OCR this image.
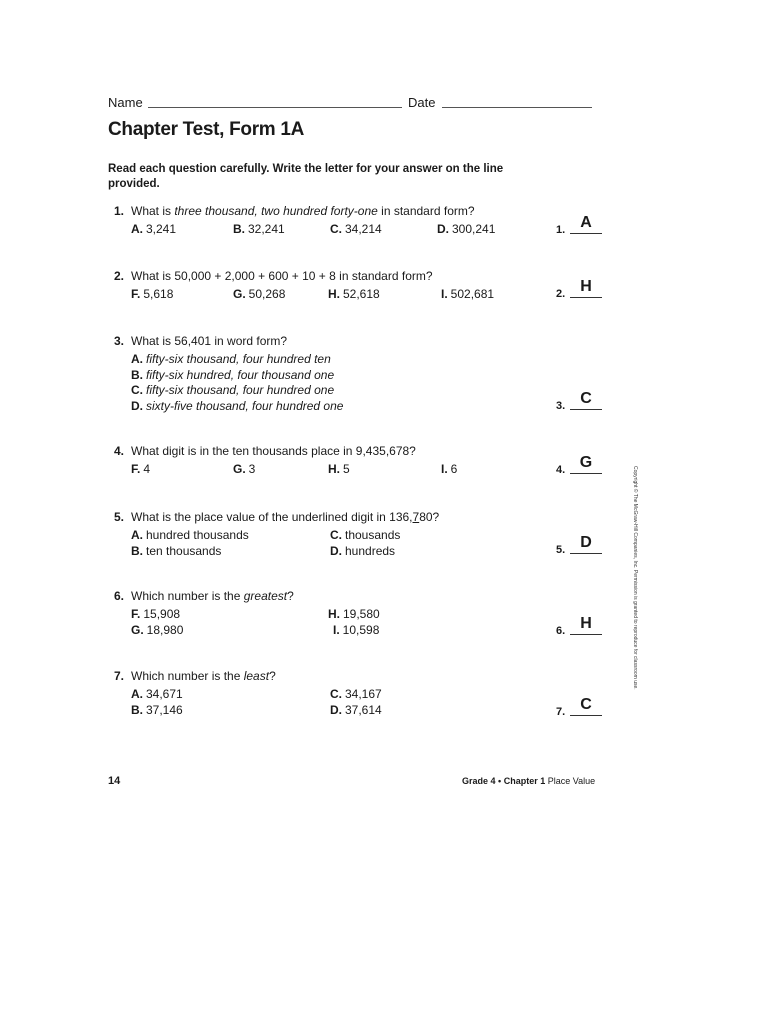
Name	Date
Chapter Test, Form 1A
Read each question carefully. Write the letter for your answer on the line provided.
1. What is three thousand, two hundred forty-one in standard form?
A. 3,241	B. 32,241	C. 34,214	D. 300,241	1. A
2. What is 50,000 + 2,000 + 600 + 10 + 8 in standard form?
F. 5,618	G. 50,268	H. 52,618	I. 502,681	2. H
3. What is 56,401 in word form?
A. fifty-six thousand, four hundred ten
B. fifty-six hundred, four thousand one
C. fifty-six thousand, four hundred one
D. sixty-five thousand, four hundred one	3. C
4. What digit is in the ten thousands place in 9,435,678?
F. 4	G. 3	H. 5	I. 6	4. G
5. What is the place value of the underlined digit in 136,780?
A. hundred thousands	C. thousands
B. ten thousands	D. hundreds	5. D
6. Which number is the greatest?
F. 15,908	H. 19,580
G. 18,980	I. 10,598	6. H
7. Which number is the least?
A. 34,671	C. 34,167
B. 37,146	D. 37,614	7. C
Copyright © The McGraw-Hill Companies, Inc. Permission is granted to reproduce for classroom use.
14	Grade 4 • Chapter 1 Place Value
